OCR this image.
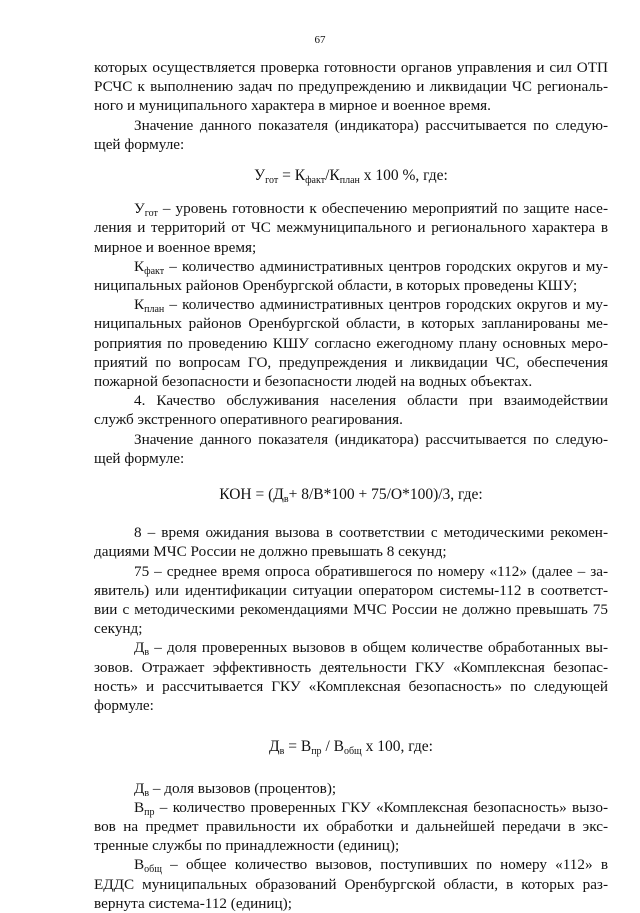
67

которых осуществляется проверка готовности органов управления и сил ОТП РСЧС к выполнению задач по предупреждению и ликвидации ЧС регионального и муниципального характера в мирное и военное время.

Значение данного показателя (индикатора) рассчитывается по следующей формуле:

$У_{гот} = К_{факт}/К_{план}$ x 100 %, где:

$У_{гот}$ – уровень готовности к обеспечению мероприятий по защите населения и территорий от ЧС межмуниципального и регионального характера в мирное и военное время;

$К_{факт}$ – количество административных центров городских округов и муниципальных районов Оренбургской области, в которых проведены КШУ;

$К_{план}$ – количество административных центров городских округов и муниципальных районов Оренбургской области, в которых запланированы мероприятия по проведению КШУ согласно ежегодному плану основных мероприятий по вопросам ГО, предупреждения и ликвидации ЧС, обеспечения пожарной безопасности и безопасности людей на водных объектах.

4. Качество обслуживания населения области при взаимодействии служб экстренного оперативного реагирования.

Значение данного показателя (индикатора) рассчитывается по следующей формуле:

КОН = $(Д_в+ 8/В*100 + 75/О*100)/3$, где:

8 – время ожидания вызова в соответствии с методическими рекомендациями МЧС России не должно превышать 8 секунд;

75 – среднее время опроса обратившегося по номеру «112» (далее – заявитель) или идентификации ситуации оператором системы-112 в соответствии с методическими рекомендациями МЧС России не должно превышать 75 секунд;

$Д_в$ – доля проверенных вызовов в общем количестве обработанных вызовов. Отражает эффективность деятельности ГКУ «Комплексная безопасность» и рассчитывается ГКУ «Комплексная безопасность» по следующей формуле:

$Д_в = В_{пр} / В_{общ}$ x 100, где:

$Д_в$ – доля вызовов (процентов);

$В_{пр}$ – количество проверенных ГКУ «Комплексная безопасность» вызовов на предмет правильности их обработки и дальнейшей передачи в экстренные службы по принадлежности (единиц);

$В_{общ}$ – общее количество вызовов, поступивших по номеру «112» в ЕДДС муниципальных образований Оренбургской области, в которых развернута система-112 (единиц);
